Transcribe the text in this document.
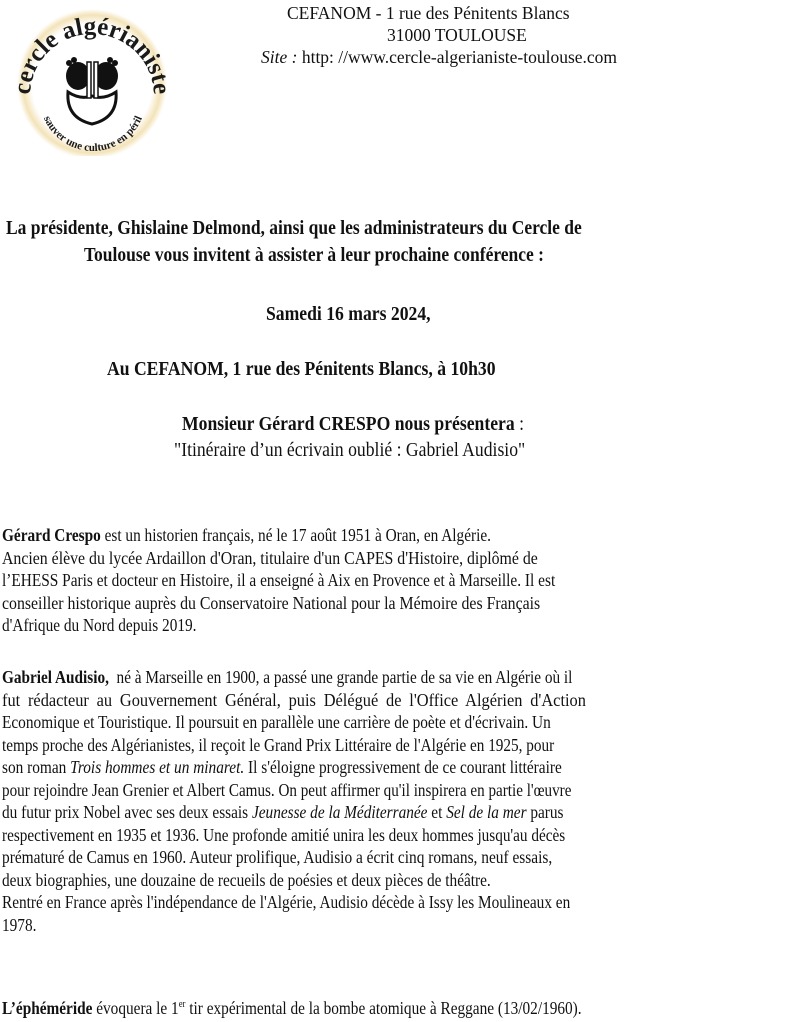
cercle algérianiste
sauver une culture en péril
CEFANOM - 1 rue des Pénitents Blancs
31000 TOULOUSE
Site : http: //www.cercle-algerianiste-toulouse.com
La présidente, Ghislaine Delmond, ainsi que les administrateurs du Cercle de
Toulouse vous invitent à assister à leur prochaine conférence :
Samedi 16 mars 2024,
Au CEFANOM, 1 rue des Pénitents Blancs, à 10h30
Monsieur Gérard CRESPO nous présentera :
"Itinéraire d’un écrivain oublié : Gabriel Audisio"
Gérard Crespo est un historien français, né le 17 août 1951 à Oran, en Algérie.
Ancien élève du lycée Ardaillon d'Oran, titulaire d'un CAPES d'Histoire, diplômé de
l’EHESS Paris et docteur en Histoire, il a enseigné à Aix en Provence et à Marseille. Il est
conseiller historique auprès du Conservatoire National pour la Mémoire des Français
d'Afrique du Nord depuis 2019.
Gabriel Audisio,  né à Marseille en 1900, a passé une grande partie de sa vie en Algérie où il
fut rédacteur au Gouvernement Général, puis Délégué de l'Office Algérien d'Action
Economique et Touristique. Il poursuit en parallèle une carrière de poète et d'écrivain. Un
temps proche des Algérianistes, il reçoit le Grand Prix Littéraire de l'Algérie en 1925, pour
son roman Trois hommes et un minaret. Il s'éloigne progressivement de ce courant littéraire
pour rejoindre Jean Grenier et Albert Camus. On peut affirmer qu'il inspirera en partie l'œuvre
du futur prix Nobel avec ses deux essais Jeunesse de la Méditerranée et Sel de la mer parus
respectivement en 1935 et 1936. Une profonde amitié unira les deux hommes jusqu'au décès
prématuré de Camus en 1960. Auteur prolifique, Audisio a écrit cinq romans, neuf essais,
deux biographies, une douzaine de recueils de poésies et deux pièces de théâtre.
Rentré en France après l'indépendance de l'Algérie, Audisio décède à Issy les Moulineaux en
1978.
L’éphéméride évoquera le 1er tir expérimental de la bombe atomique à Reggane (13/02/1960).
